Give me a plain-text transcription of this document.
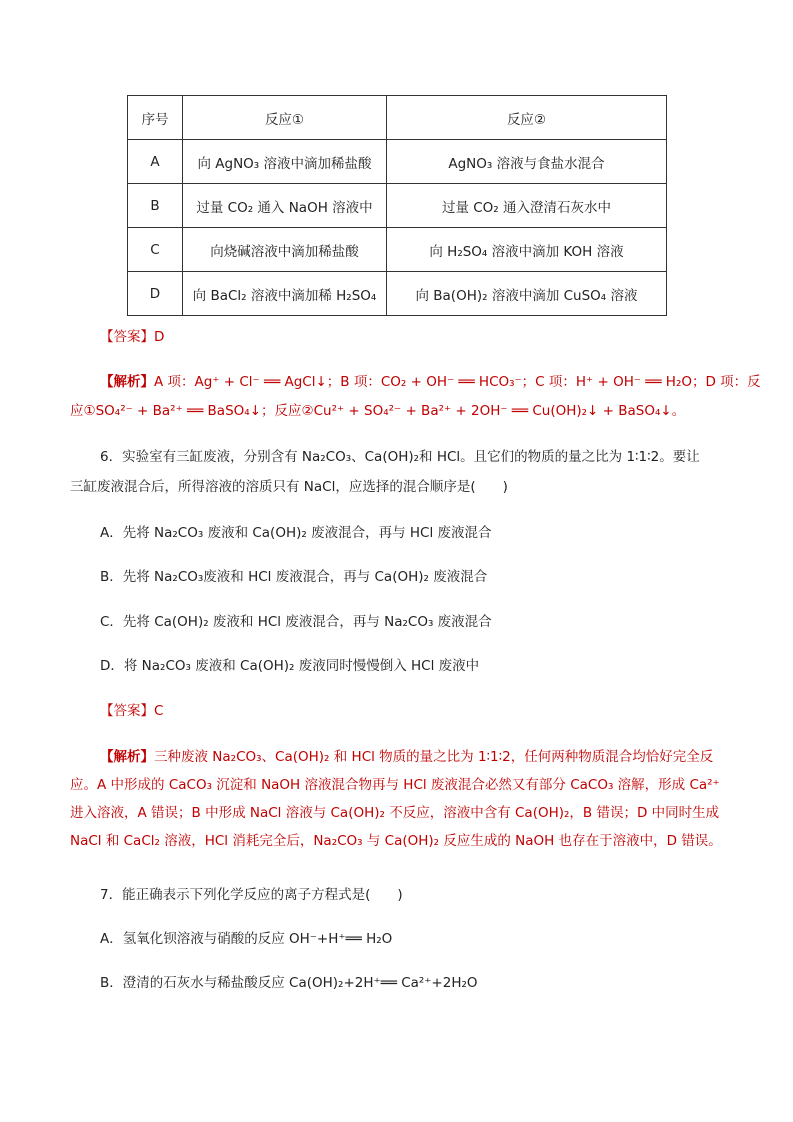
序号	反应①	反应②
A	向 AgNO₃ 溶液中滴加稀盐酸	AgNO₃ 溶液与食盐水混合
B	过量 CO₂ 通入 NaOH 溶液中	过量 CO₂ 通入澄清石灰水中
C	向烧碱溶液中滴加稀盐酸	向 H₂SO₄ 溶液中滴加 KOH 溶液
D	向 BaCl₂ 溶液中滴加稀 H₂SO₄	向 Ba(OH)₂ 溶液中滴加 CuSO₄ 溶液
【答案】D
【解析】A 项：Ag⁺ + Cl⁻ ══ AgCl↓；B 项：CO₂ + OH⁻ ══ HCO₃⁻；C 项：H⁺ + OH⁻ ══ H₂O；D 项：反
应①SO₄²⁻ + Ba²⁺ ══ BaSO₄↓；反应②Cu²⁺ + SO₄²⁻ + Ba²⁺ + 2OH⁻ ══ Cu(OH)₂↓ + BaSO₄↓。
6．实验室有三缸废液，分别含有 Na₂CO₃、Ca(OH)₂和 HCl。且它们的物质的量之比为 1∶1∶2。要让
三缸废液混合后，所得溶液的溶质只有 NaCl，应选择的混合顺序是(　　)
A．先将 Na₂CO₃ 废液和 Ca(OH)₂ 废液混合，再与 HCl 废液混合
B．先将 Na₂CO₃废液和 HCl 废液混合，再与 Ca(OH)₂ 废液混合
C．先将 Ca(OH)₂ 废液和 HCl 废液混合，再与 Na₂CO₃ 废液混合
D．将 Na₂CO₃ 废液和 Ca(OH)₂ 废液同时慢慢倒入 HCl 废液中
【答案】C
【解析】三种废液 Na₂CO₃、Ca(OH)₂ 和 HCl 物质的量之比为 1∶1∶2，任何两种物质混合均恰好完全反应。A 中形成的 CaCO₃ 沉淀和 NaOH 溶液混合物再与 HCl 废液混合必然又有部分 CaCO₃ 溶解，形成 Ca²⁺进入溶液，A 错误；B 中形成 NaCl 溶液与 Ca(OH)₂ 不反应，溶液中含有 Ca(OH)₂，B 错误；D 中同时生成 NaCl 和 CaCl₂ 溶液，HCl 消耗完全后，Na₂CO₃ 与 Ca(OH)₂ 反应生成的 NaOH 也存在于溶液中，D 错误。
7．能正确表示下列化学反应的离子方程式是(　　)
A．氢氧化钡溶液与硝酸的反应 OH⁻+H⁺══ H₂O
B．澄清的石灰水与稀盐酸反应 Ca(OH)₂+2H⁺══ Ca²⁺+2H₂O
